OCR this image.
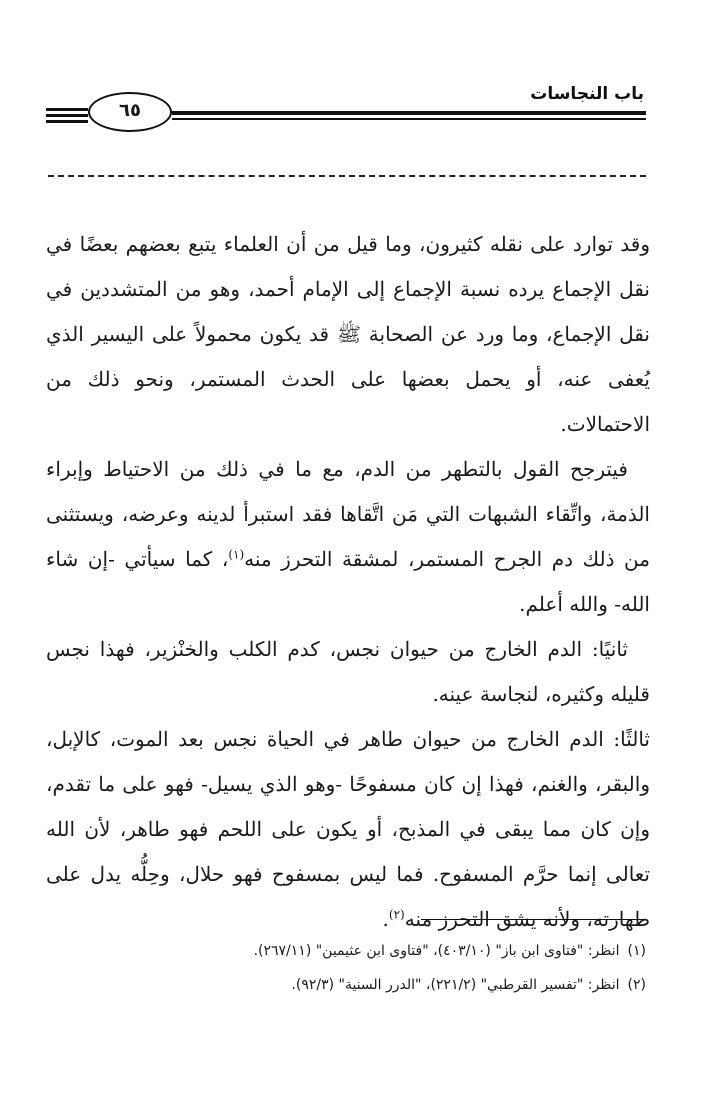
باب النجاسات
٦٥

وقد توارد على نقله كثيرون، وما قيل من أن العلماء يتبع بعضهم بعضًا في نقل الإجماع يرده نسبة الإجماع إلى الإمام أحمد، وهو من المتشددين في نقل الإجماع، وما ورد عن الصحابة ﷺ قد يكون محمولاً على اليسير الذي يُعفى عنه، أو يحمل بعضها على الحدث المستمر، ونحو ذلك من الاحتمالات.

فيترجح القول بالتطهر من الدم، مع ما في ذلك من الاحتياط وإبراء الذمة، واتِّقاء الشبهات التي مَن اتَّقاها فقد استبرأ لدينه وعرضه، ويستثنى من ذلك دم الجرح المستمر، لمشقة التحرز منه$^{(١)}$، كما سيأتي -إن شاء الله- والله أعلم.

ثانيًا: الدم الخارج من حيوان نجس، كدم الكلب والخنْزير، فهذا نجس قليله وكثيره، لنجاسة عينه.

ثالثًا: الدم الخارج من حيوان طاهر في الحياة نجس بعد الموت، كالإبل، والبقر، والغنم، فهذا إن كان مسفوحًا -وهو الذي يسيل- فهو على ما تقدم، وإن كان مما يبقى في المذبح، أو يكون على اللحم فهو طاهر، لأن الله تعالى إنما حرَّم المسفوح. فما ليس بمسفوح فهو حلال، وحِلُّه يدل على طهارته، ولأنه يشق التحرز منه$^{(٢)}$.

(١)انظر: "فتاوى ابن باز" (٤٠٣/١٠)، "فتاوى ابن عثيمين" (٢٦٧/١١).

(٢)انظر: "تفسير القرطبي" (٢٢١/٢)، "الدرر السنية" (٩٢/٣).
